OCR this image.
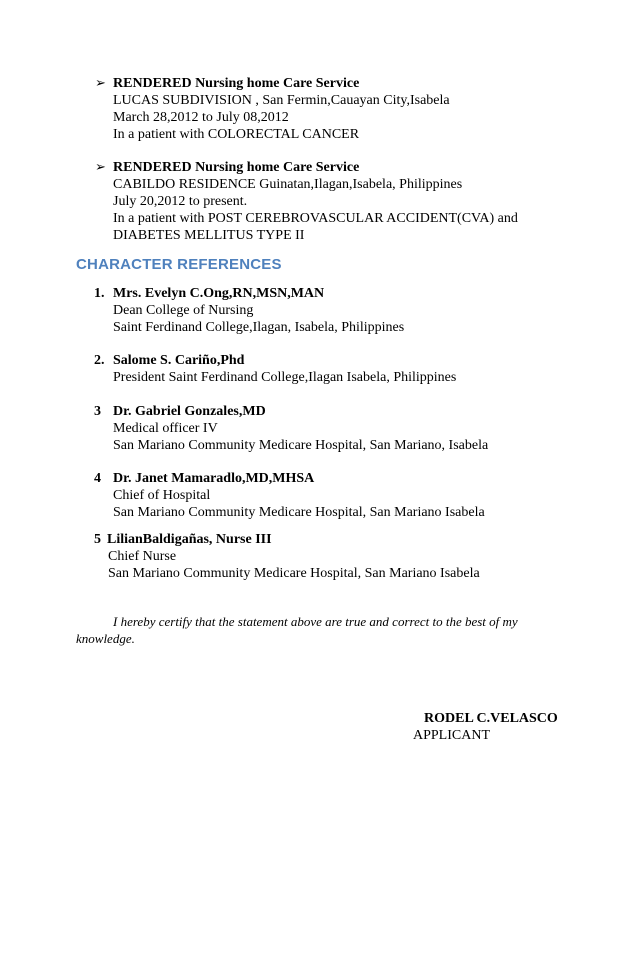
➢ RENDERED Nursing home Care Service
LUCAS SUBDIVISION , San Fermin,Cauayan City,Isabela
March 28,2012 to July 08,2012
In a patient with COLORECTAL CANCER
➢ RENDERED Nursing home Care Service
CABILDO RESIDENCE Guinatan,Ilagan,Isabela, Philippines
July 20,2012 to present.
In a patient with POST CEREBROVASCULAR ACCIDENT(CVA) and
DIABETES MELLITUS TYPE II
CHARACTER REFERENCES
1. Mrs. Evelyn C.Ong,RN,MSN,MAN
Dean College of Nursing
Saint Ferdinand College,Ilagan, Isabela, Philippines
2. Salome S. Cariño,Phd
President Saint Ferdinand College,Ilagan Isabela, Philippines
3 Dr. Gabriel Gonzales,MD
Medical officer IV
San Mariano Community Medicare Hospital, San Mariano, Isabela
4 Dr. Janet Mamaradlo,MD,MHSA
Chief of Hospital
San Mariano Community Medicare Hospital, San Mariano Isabela
5 LilianBaldigañas, Nurse III
Chief Nurse
San Mariano Community Medicare Hospital, San Mariano Isabela
I hereby certify that the statement above are true and correct to the best of my
knowledge.
RODEL C.VELASCO
APPLICANT
